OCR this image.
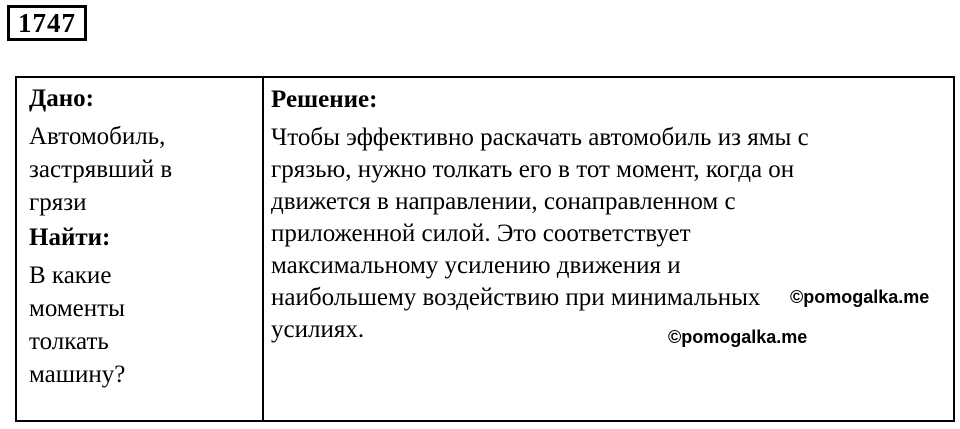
1747
Дано:
Автомобиль,
застрявший в
грязи
Найти:
В какие
моменты
толкать
машину?
Решение:
Чтобы эффективно раскачать автомобиль из ямы с
грязью, нужно толкать его в тот момент, когда он
движется в направлении, сонаправленном с
приложенной силой. Это соответствует
максимальному усилению движения и
наибольшему воздействию при минимальных
усилиях.
©pomogalka.me
©pomogalka.me
